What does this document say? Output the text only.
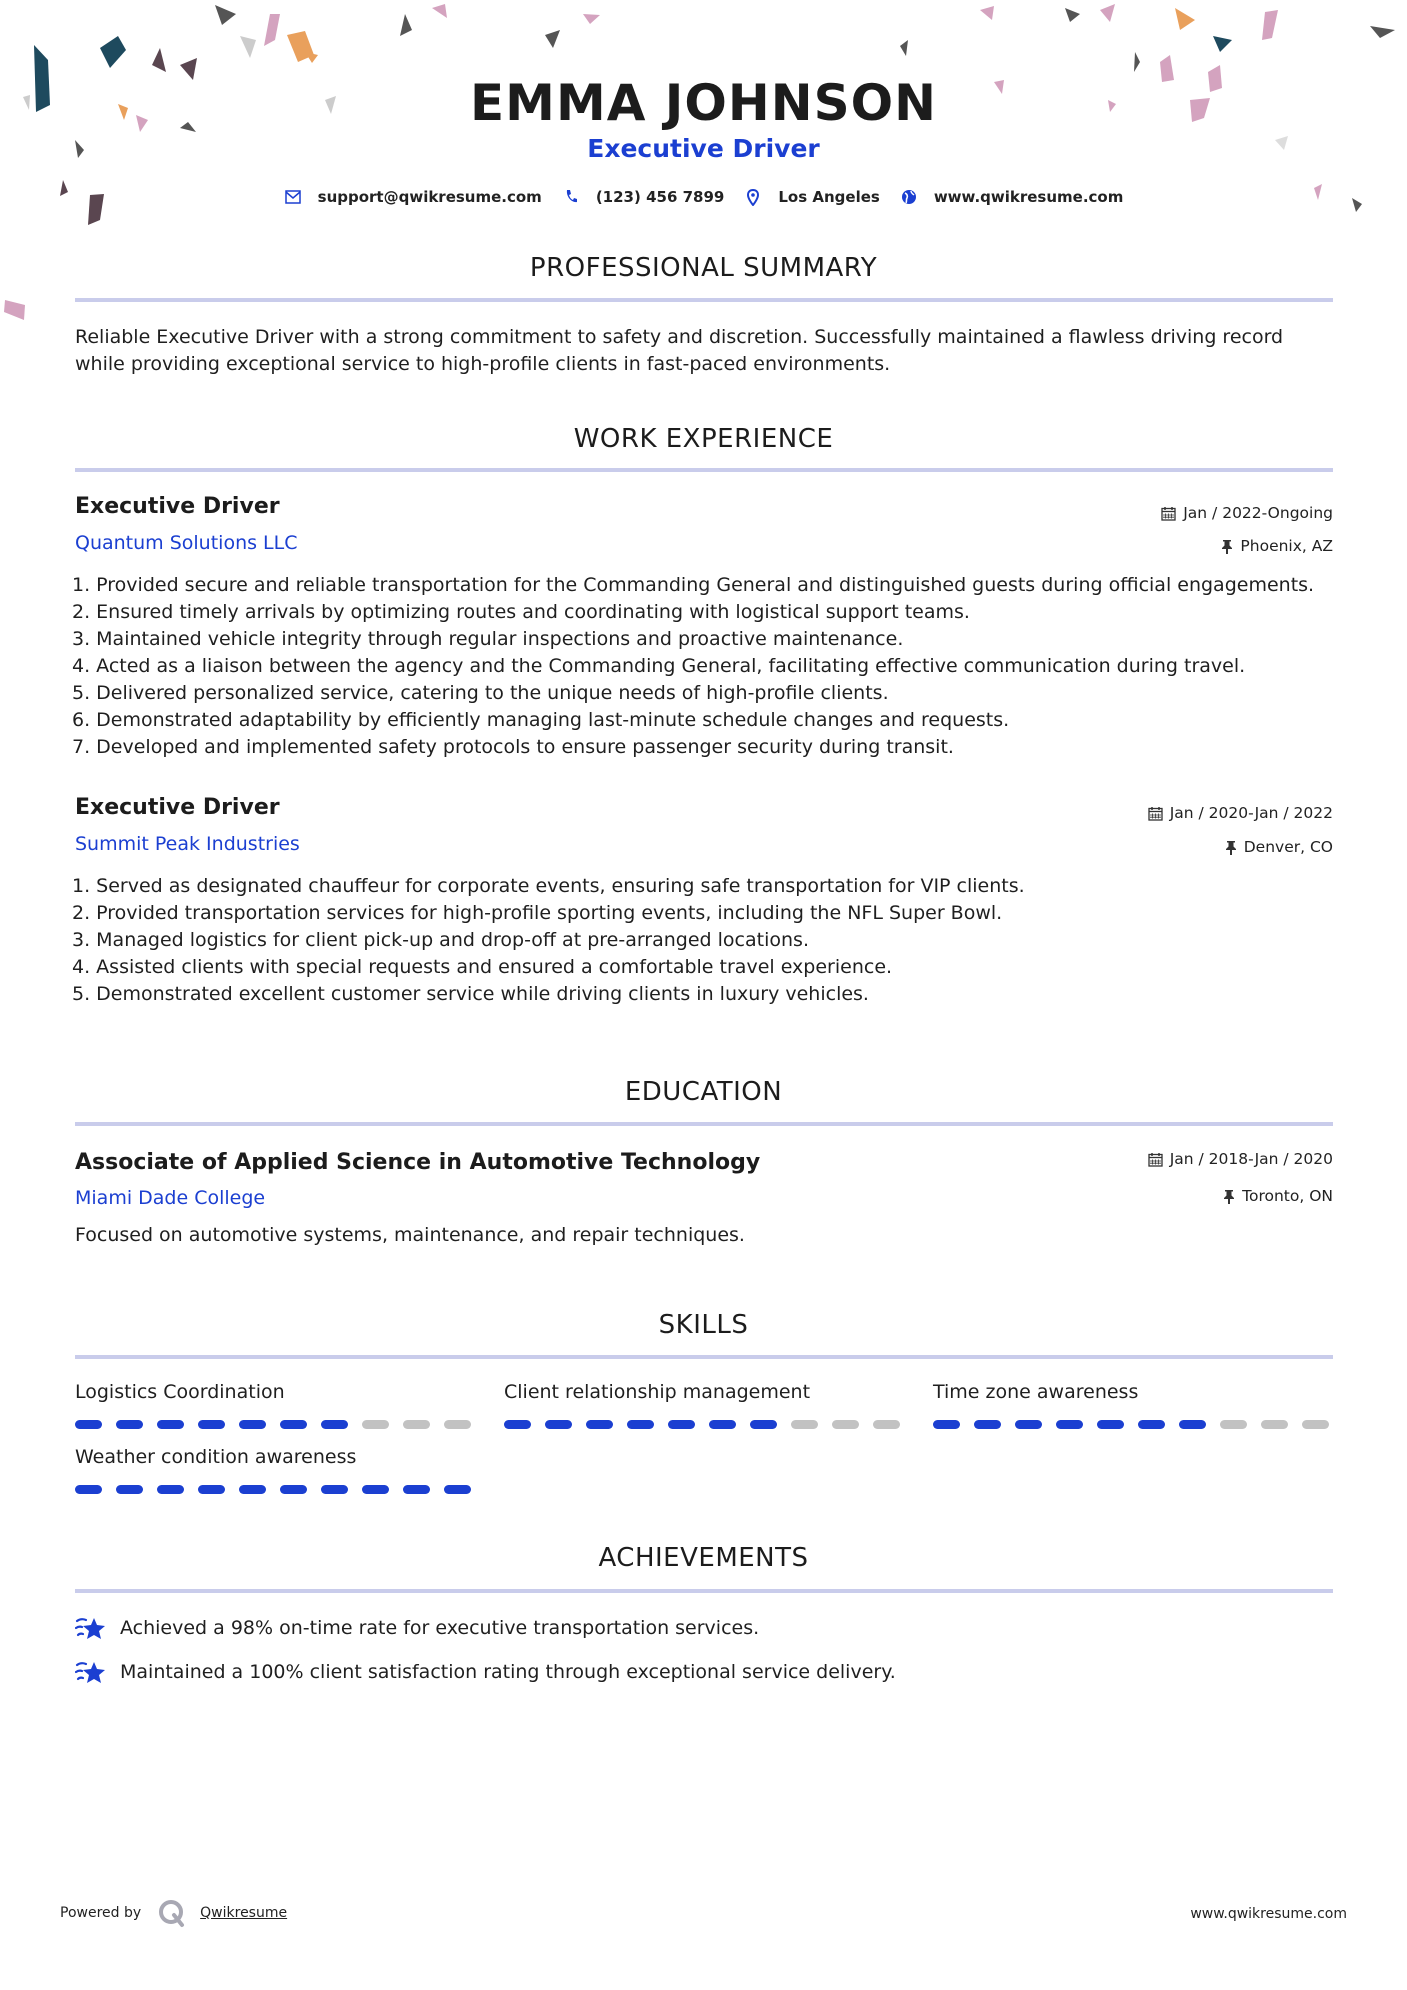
EMMA JOHNSON
Executive Driver
support@qwikresume.com	(123) 456 7899	Los Angeles	www.qwikresume.com
PROFESSIONAL SUMMARY
Reliable Executive Driver with a strong commitment to safety and discretion. Successfully maintained a flawless driving record while providing exceptional service to high-profile clients in fast-paced environments.
WORK EXPERIENCE
Executive Driver	Jan / 2022-Ongoing
Quantum Solutions LLC	Phoenix, AZ
1. Provided secure and reliable transportation for the Commanding General and distinguished guests during official engagements.
2. Ensured timely arrivals by optimizing routes and coordinating with logistical support teams.
3. Maintained vehicle integrity through regular inspections and proactive maintenance.
4. Acted as a liaison between the agency and the Commanding General, facilitating effective communication during travel.
5. Delivered personalized service, catering to the unique needs of high-profile clients.
6. Demonstrated adaptability by efficiently managing last-minute schedule changes and requests.
7. Developed and implemented safety protocols to ensure passenger security during transit.
Executive Driver	Jan / 2020-Jan / 2022
Summit Peak Industries	Denver, CO
1. Served as designated chauffeur for corporate events, ensuring safe transportation for VIP clients.
2. Provided transportation services for high-profile sporting events, including the NFL Super Bowl.
3. Managed logistics for client pick-up and drop-off at pre-arranged locations.
4. Assisted clients with special requests and ensured a comfortable travel experience.
5. Demonstrated excellent customer service while driving clients in luxury vehicles.
EDUCATION
Associate of Applied Science in Automotive Technology	Jan / 2018-Jan / 2020
Miami Dade College	Toronto, ON
Focused on automotive systems, maintenance, and repair techniques.
SKILLS
Logistics Coordination	Client relationship management	Time zone awareness
Weather condition awareness
ACHIEVEMENTS
Achieved a 98% on-time rate for executive transportation services.
Maintained a 100% client satisfaction rating through exceptional service delivery.
Powered by	Qwikresume	www.qwikresume.com
